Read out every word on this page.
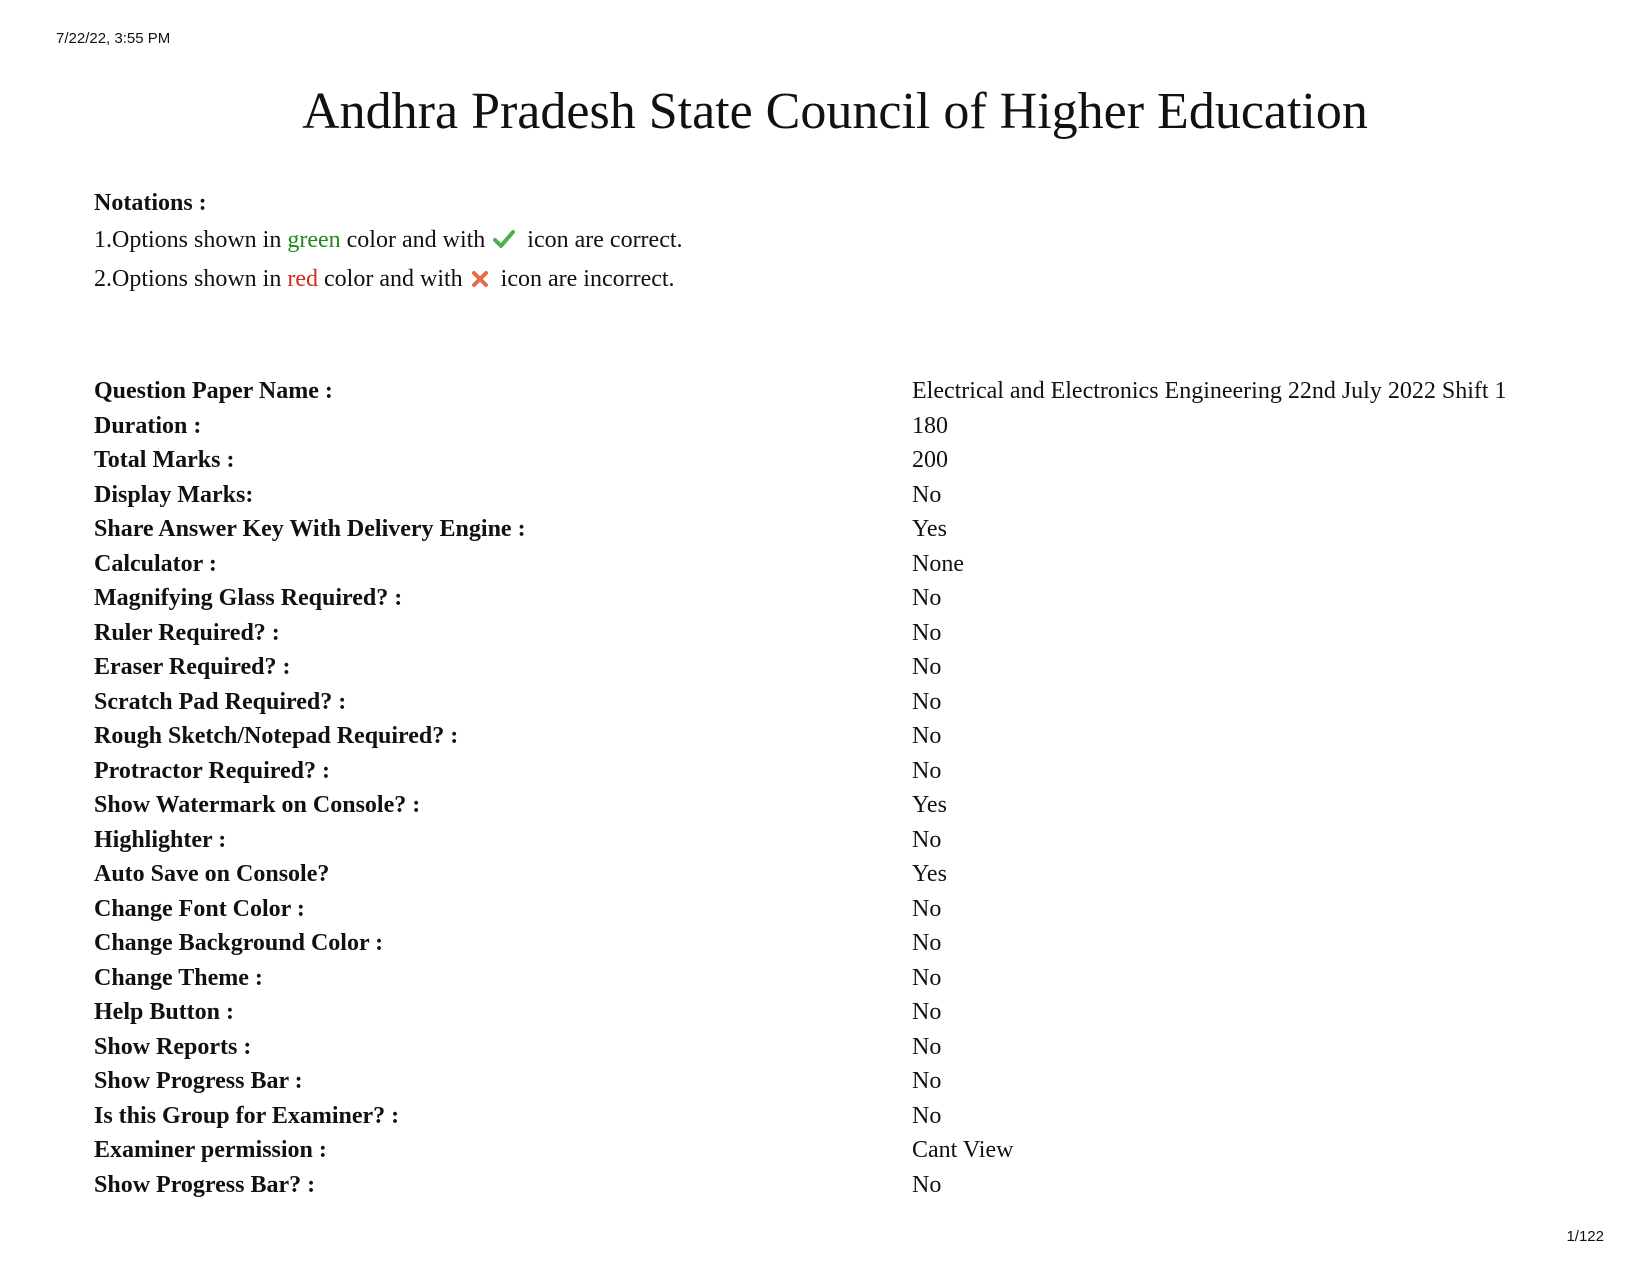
7/22/22, 3:55 PM
Andhra Pradesh State Council of Higher Education
Notations :
1.Options shown in green color and with  icon are correct.
2.Options shown in red color and with  icon are incorrect.
Question Paper Name :	Electrical and Electronics Engineering 22nd July 2022 Shift 1
Duration :	180
Total Marks :	200
Display Marks:	No
Share Answer Key With Delivery Engine :	Yes
Calculator :	None
Magnifying Glass Required? :	No
Ruler Required? :	No
Eraser Required? :	No
Scratch Pad Required? :	No
Rough Sketch/Notepad Required? :	No
Protractor Required? :	No
Show Watermark on Console? :	Yes
Highlighter :	No
Auto Save on Console?	Yes
Change Font Color :	No
Change Background Color :	No
Change Theme :	No
Help Button :	No
Show Reports :	No
Show Progress Bar :	No
Is this Group for Examiner? :	No
Examiner permission :	Cant View
Show Progress Bar? :	No
1/122
